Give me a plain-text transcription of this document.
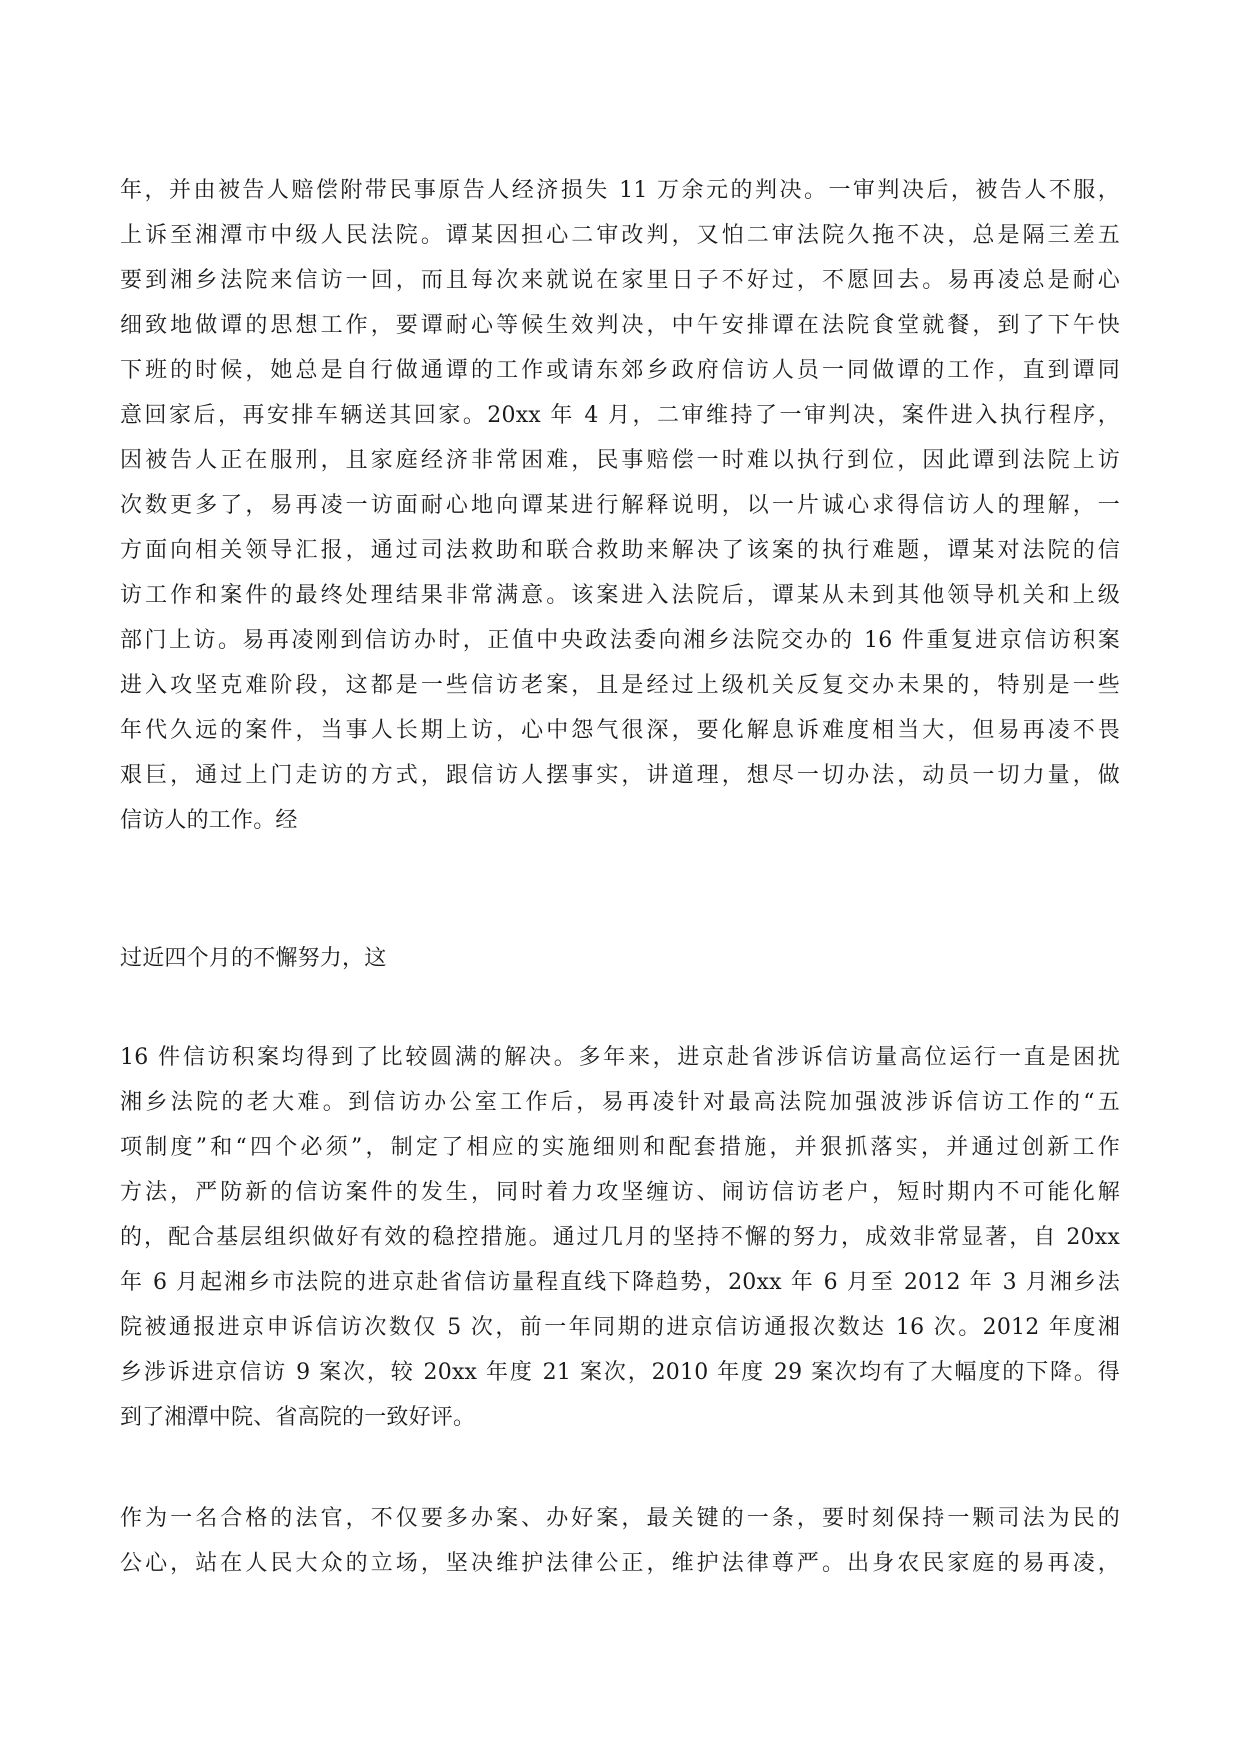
年，并由被告人赔偿附带民事原告人经济损失 11 万余元的判决。一审判决后，被告人不服，
上诉至湘潭市中级人民法院。谭某因担心二审改判，又怕二审法院久拖不决，总是隔三差五
要到湘乡法院来信访一回，而且每次来就说在家里日子不好过，不愿回去。易再凌总是耐心
细致地做谭的思想工作，要谭耐心等候生效判决，中午安排谭在法院食堂就餐，到了下午快
下班的时候，她总是自行做通谭的工作或请东郊乡政府信访人员一同做谭的工作，直到谭同
意回家后，再安排车辆送其回家。20xx 年 4 月，二审维持了一审判决，案件进入执行程序，
因被告人正在服刑，且家庭经济非常困难，民事赔偿一时难以执行到位，因此谭到法院上访
次数更多了，易再凌一访面耐心地向谭某进行解释说明，以一片诚心求得信访人的理解，一
方面向相关领导汇报，通过司法救助和联合救助来解决了该案的执行难题，谭某对法院的信
访工作和案件的最终处理结果非常满意。该案进入法院后，谭某从未到其他领导机关和上级
部门上访。易再凌刚到信访办时，正值中央政法委向湘乡法院交办的 16 件重复进京信访积案
进入攻坚克难阶段，这都是一些信访老案，且是经过上级机关反复交办未果的，特别是一些
年代久远的案件，当事人长期上访，心中怨气很深，要化解息诉难度相当大，但易再凌不畏
艰巨，通过上门走访的方式，跟信访人摆事实，讲道理，想尽一切办法，动员一切力量，做
信访人的工作。经
过近四个月的不懈努力，这
16 件信访积案均得到了比较圆满的解决。多年来，进京赴省涉诉信访量高位运行一直是困扰
湘乡法院的老大难。到信访办公室工作后，易再凌针对最高法院加强波涉诉信访工作的“五
项制度”和“四个必须”，制定了相应的实施细则和配套措施，并狠抓落实，并通过创新工作
方法，严防新的信访案件的发生，同时着力攻坚缠访、闹访信访老户，短时期内不可能化解
的，配合基层组织做好有效的稳控措施。通过几月的坚持不懈的努力，成效非常显著，自 20xx
年 6 月起湘乡市法院的进京赴省信访量程直线下降趋势，20xx 年 6 月至 2012 年 3 月湘乡法
院被通报进京申诉信访次数仅 5 次，前一年同期的进京信访通报次数达 16 次。2012 年度湘
乡涉诉进京信访 9 案次，较 20xx 年度 21 案次，2010 年度 29 案次均有了大幅度的下降。得
到了湘潭中院、省高院的一致好评。
作为一名合格的法官，不仅要多办案、办好案，最关键的一条，要时刻保持一颗司法为民的
公心，站在人民大众的立场，坚决维护法律公正，维护法律尊严。出身农民家庭的易再凌，
